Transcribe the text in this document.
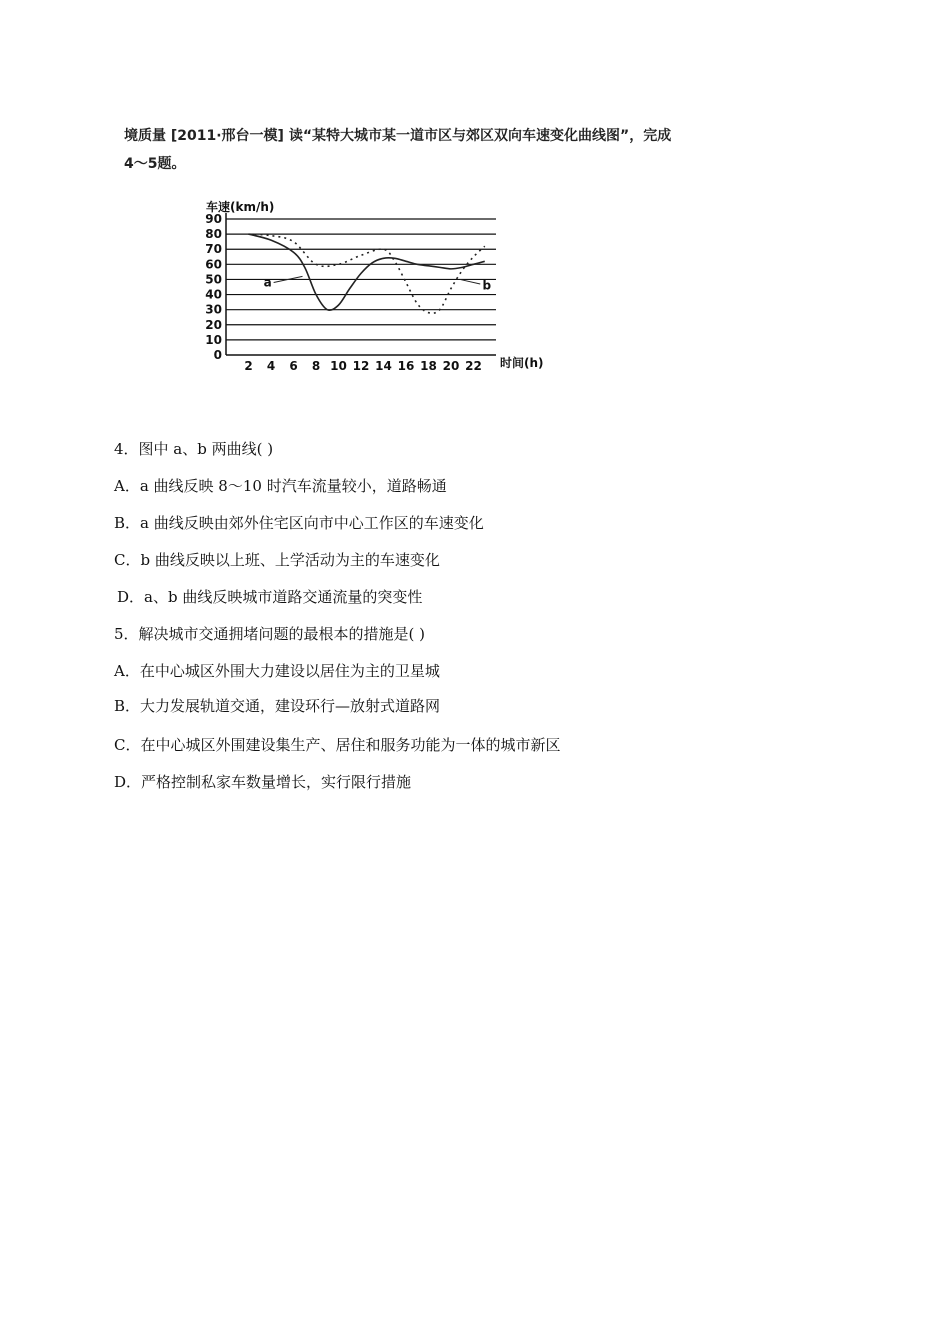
境质量 [2011·邢台一模] 读“某特大城市某一道市区与郊区双向车速变化曲线图”，完成
4～5题。
0
10
20
30
40
50
60
70
80
90
2 4 6 8 10 12 14 16 18 20 22
车速(km/h)
时间(h)
a	b
4．图中 a、b 两曲线( )
A．a 曲线反映 8～10 时汽车流量较小，道路畅通
B．a 曲线反映由郊外住宅区向市中心工作区的车速变化
C．b 曲线反映以上班、上学活动为主的车速变化
D．a、b 曲线反映城市道路交通流量的突变性
5．解决城市交通拥堵问题的最根本的措施是( )
A．在中心城区外围大力建设以居住为主的卫星城
B．大力发展轨道交通，建设环行—放射式道路网
C．在中心城区外围建设集生产、居住和服务功能为一体的城市新区
D．严格控制私家车数量增长，实行限行措施
